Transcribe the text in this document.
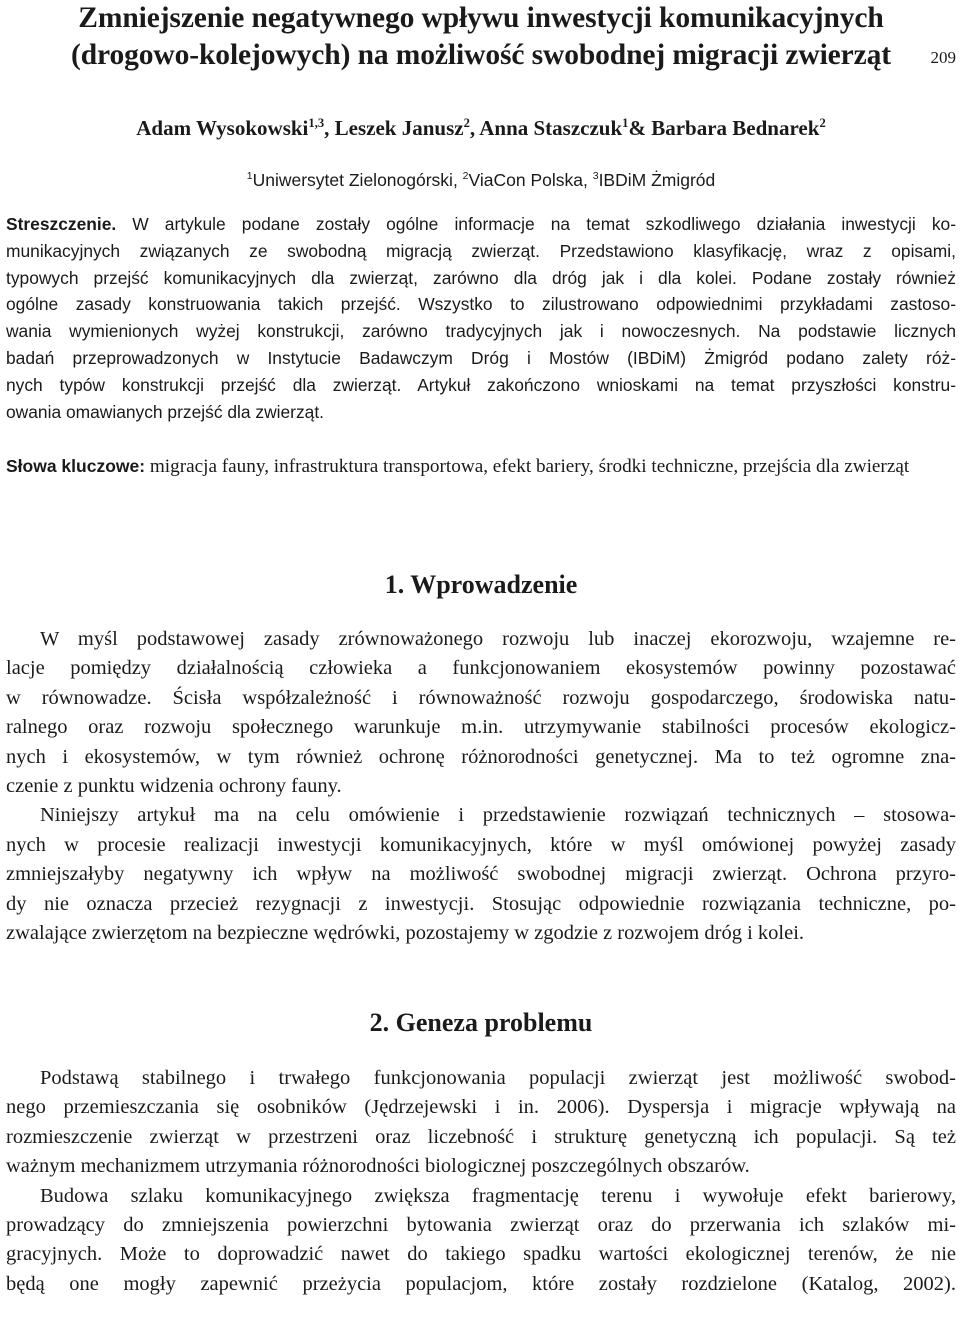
Zmniejszenie negatywnego wpływu inwestycji komunikacyjnych
(drogowo-kolejowych) na możliwość swobodnej migracji zwierząt
Adam Wysokowski$^{1,3}$, Leszek Janusz$^2$, Anna Staszczuk$^1$& Barbara Bednarek$^2$
$^1$Uniwersytet Zielonogórski, $^2$ViaCon Polska, $^3$IBDiM Żmigród
Streszczenie. W artykule podane zostały ogólne informacje na temat szkodliwego działania inwestycji ko-
munikacyjnych związanych ze swobodną migracją zwierząt. Przedstawiono klasyfikację, wraz z opisami,
typowych przejść komunikacyjnych dla zwierząt, zarówno dla dróg jak i dla kolei. Podane zostały również
ogólne zasady konstruowania takich przejść. Wszystko to zilustrowano odpowiednimi przykładami zastoso-
wania wymienionych wyżej konstrukcji, zarówno tradycyjnych jak i nowoczesnych. Na podstawie licznych
badań przeprowadzonych w Instytucie Badawczym Dróg i Mostów (IBDiM) Żmigród podano zalety róż-
nych typów konstrukcji przejść dla zwierząt. Artykuł zakończono wnioskami na temat przyszłości konstru-
owania omawianych przejść dla zwierząt.
Słowa kluczowe: migracja fauny, infrastruktura transportowa, efekt bariery, środki techniczne, przejścia dla zwierząt
1. Wprowadzenie
W myśl podstawowej zasady zrównoważonego rozwoju lub inaczej ekorozwoju, wzajemne re-
lacje pomiędzy działalnością człowieka a funkcjonowaniem ekosystemów powinny pozostawać
w równowadze. Ścisła współzależność i równoważność rozwoju gospodarczego, środowiska natu-
ralnego oraz rozwoju społecznego warunkuje m.in. utrzymywanie stabilności procesów ekologicz-
nych i ekosystemów, w tym również ochronę różnorodności genetycznej. Ma to też ogromne zna-
czenie z punktu widzenia ochrony fauny.
Niniejszy artykuł ma na celu omówienie i przedstawienie rozwiązań technicznych – stosowa-
nych w procesie realizacji inwestycji komunikacyjnych, które w myśl omówionej powyżej zasady
zmniejszałyby negatywny ich wpływ na możliwość swobodnej migracji zwierząt. Ochrona przyro-
dy nie oznacza przecież rezygnacji z inwestycji. Stosując odpowiednie rozwiązania techniczne, po-
zwalające zwierzętom na bezpieczne wędrówki, pozostajemy w zgodzie z rozwojem dróg i kolei.
2. Geneza problemu
Podstawą stabilnego i trwałego funkcjonowania populacji zwierząt jest możliwość swobod-
nego przemieszczania się osobników (Jędrzejewski i in. 2006). Dyspersja i migracje wpływają na
rozmieszczenie zwierząt w przestrzeni oraz liczebność i strukturę genetyczną ich populacji. Są też
ważnym mechanizmem utrzymania różnorodności biologicznej poszczególnych obszarów.
Budowa szlaku komunikacyjnego zwiększa fragmentację terenu i wywołuje efekt barierowy,
prowadzący do zmniejszenia powierzchni bytowania zwierząt oraz do przerwania ich szlaków mi-
gracyjnych. Może to doprowadzić nawet do takiego spadku wartości ekologicznej terenów, że nie
będą one mogły zapewnić przeżycia populacjom, które zostały rozdzielone (Katalog, 2002).
209
